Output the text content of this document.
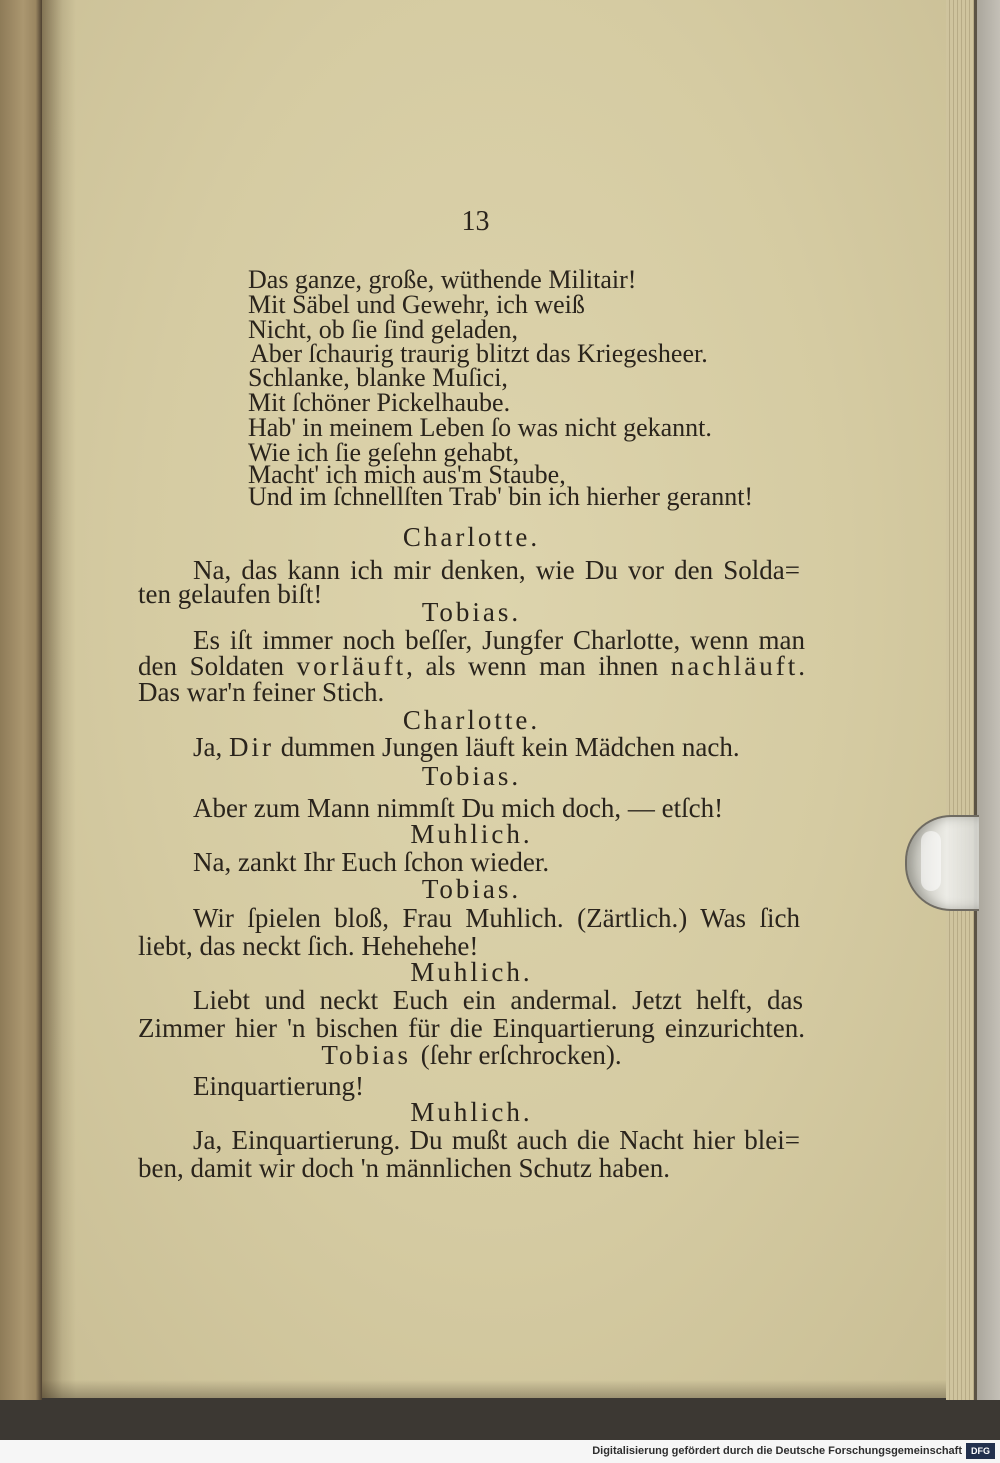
13
Das ganze, große, wüthende Militair!
Mit Säbel und Gewehr, ich weiß
Nicht, ob ſie ſind geladen,
Aber ſchaurig traurig blitzt das Kriegesheer.
Schlanke, blanke Muſici,
Mit ſchöner Pickelhaube.
Hab' in meinem Leben ſo was nicht gekannt.
Wie ich ſie geſehn gehabt,
Macht' ich mich aus'm Staube,
Und im ſchnellſten Trab' bin ich hierher gerannt!
Charlotte.
Na, das kann ich mir denken, wie Du vor den Solda=
ten gelaufen biſt!
Tobias.
Es iſt immer noch beſſer, Jungfer Charlotte, wenn man
den Soldaten vorläuft, als wenn man ihnen nachläuft.
Das war'n feiner Stich.
Charlotte.
Ja, Dir dummen Jungen läuft kein Mädchen nach.
Tobias.
Aber zum Mann nimmſt Du mich doch, — etſch!
Muhlich.
Na, zankt Ihr Euch ſchon wieder.
Tobias.
Wir ſpielen bloß, Frau Muhlich. (Zärtlich.) Was ſich
liebt, das neckt ſich. Hehehehe!
Muhlich.
Liebt und neckt Euch ein andermal. Jetzt helft, das
Zimmer hier 'n bischen für die Einquartierung einzurichten.
Tobias (ſehr erſchrocken).
Einquartierung!
Muhlich.
Ja, Einquartierung. Du mußt auch die Nacht hier blei=
ben, damit wir doch 'n männlichen Schutz haben.
Digitalisierung gefördert durch die Deutsche Forschungsgemeinschaft	DFG
